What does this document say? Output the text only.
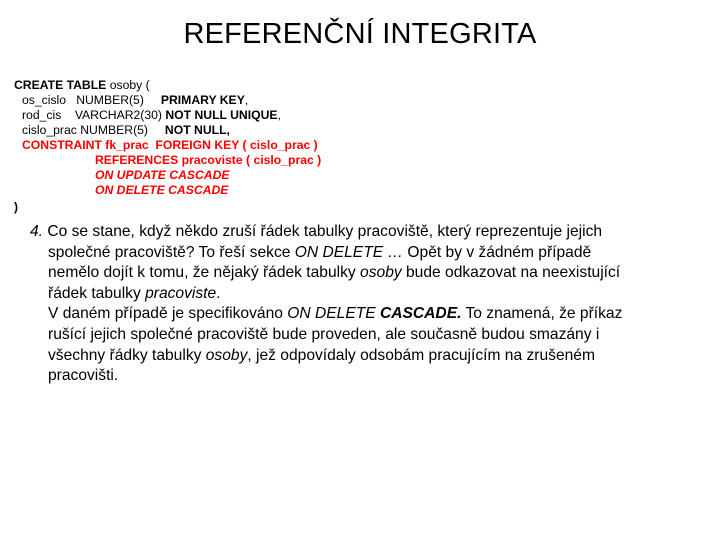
REFERENČNÍ INTEGRITA
CREATE TABLE osoby (
os_cislo   NUMBER(5)     PRIMARY KEY,
rod_cis    VARCHAR2(30) NOT NULL UNIQUE,
cislo_prac NUMBER(5)     NOT NULL,
CONSTRAINT fk_prac  FOREIGN KEY ( cislo_prac )
REFERENCES pracoviste ( cislo_prac )
ON UPDATE CASCADE
ON DELETE CASCADE
)
4. Co se stane, když někdo zruší řádek tabulky pracoviště, který reprezentuje jejich
společné pracoviště? To řeší sekce ON DELETE … Opět by v žádném případě
nemělo dojít k tomu, že nějaký řádek tabulky osoby bude odkazovat na neexistující
řádek tabulky pracoviste.
V daném případě je specifikováno ON DELETE CASCADE. To znamená, že příkaz
rušící jejich společné pracoviště bude proveden, ale současně budou smazány i
všechny řádky tabulky osoby, jež odpovídaly odsobám pracujícím na zrušeném
pracovišti.
